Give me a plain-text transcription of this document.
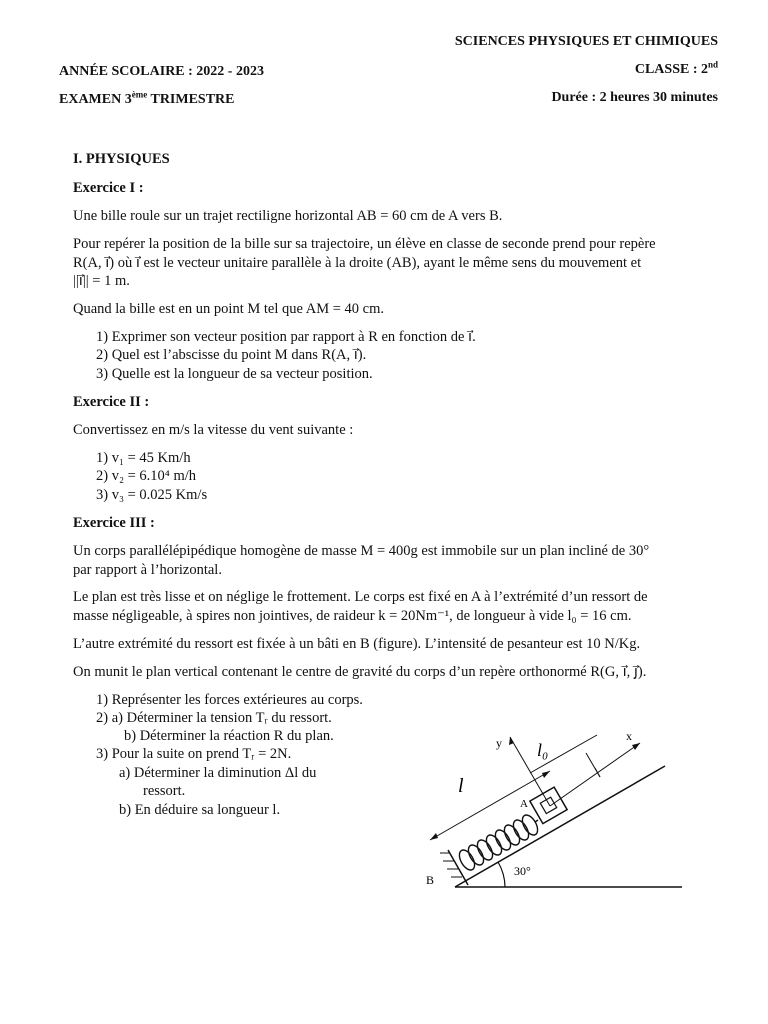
ANNÉE SCOLAIRE : 2022 - 2023
EXAMEN 3ème TRIMESTRE
SCIENCES PHYSIQUES ET CHIMIQUES
CLASSE : 2nd
Durée : 2 heures 30 minutes
I. PHYSIQUES
Exercice I :
Une bille roule sur un trajet rectiligne horizontal AB = 60 cm de A vers B.
Pour repérer la position de la bille sur sa trajectoire, un élève en classe de seconde prend pour repère
R(A, i⃗) où i⃗ est le vecteur unitaire parallèle à la droite (AB), ayant le même sens du mouvement et
||i⃗|| = 1 m.
Quand la bille est en un point M tel que AM = 40 cm.
1) Exprimer son vecteur position par rapport à R en fonction de i⃗.
2) Quel est l’abscisse du point M dans R(A, i⃗).
3) Quelle est la longueur de sa vecteur position.
Exercice II :
Convertissez en m/s la vitesse du vent suivante :
1) v₁ = 45 Km/h
2) v₂ = 6.10⁴ m/h
3) v₃ = 0.025 Km/s
Exercice III :
Un corps parallélépipédique homogène de masse M = 400g est immobile sur un plan incliné de 30°
par rapport à l’horizontal.
Le plan est très lisse et on néglige le frottement. Le corps est fixé en A à l’extrémité d’un ressort de
masse négligeable, à spires non jointives, de raideur k = 20Nm⁻¹, de longueur à vide l₀ = 16 cm.
L’autre extrémité du ressort est fixée à un bâti en B (figure). L’intensité de pesanteur est 10 N/Kg.
On munit le plan vertical contenant le centre de gravité du corps d’un repère orthonormé R(G, i⃗, j⃗).
1) Représenter les forces extérieures au corps.
2) a) Déterminer la tension Tᵣ du ressort.
b) Déterminer la réaction R du plan.
3) Pour la suite on prend Tᵣ = 2N.
a) Déterminer la diminution Δl du
ressort.
b) En déduire sa longueur l.
y	x
l₀
l
A
B
30°
